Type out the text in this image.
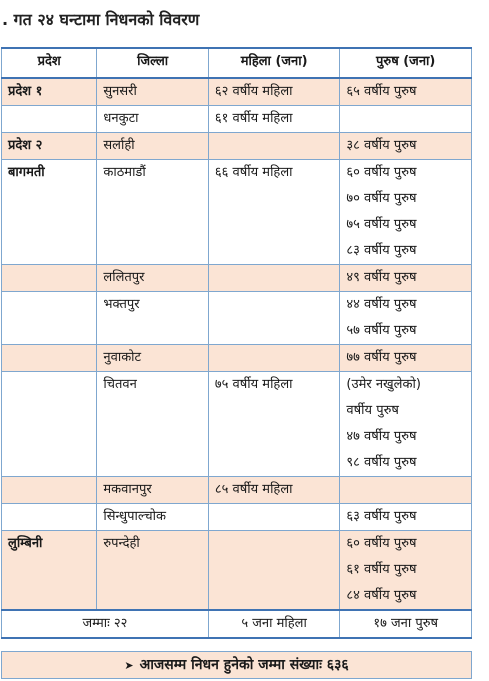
. गत २४ घन्टामा निधनको विवरण
प्रदेश	जिल्ला	महिला (जना)	पुरुष (जना)
प्रदेश १	सुनसरी	६२ वर्षीय महिला	६५ वर्षीय पुरुष

	धनकुटा	६१ वर्षीय महिला	

प्रदेश २	सर्लाही		३८ वर्षीय पुरुष

बागमती	काठमाडौं	६६ वर्षीय महिला	६० वर्षीय पुरुष
७० वर्षीय पुरुष
७५ वर्षीय पुरुष
८३ वर्षीय पुरुष

	ललितपुर		४९ वर्षीय पुरुष

	भक्तपुर		४४ वर्षीय पुरुष
५७ वर्षीय पुरुष

	नुवाकोट		७७ वर्षीय पुरुष

	चितवन	७५ वर्षीय महिला	(उमेर नखुलेको)
वर्षीय पुरुष
४७ वर्षीय पुरुष
९८ वर्षीय पुरुष

	मकवानपुर	८५ वर्षीय महिला	

	सिन्धुपाल्चोक		६३ वर्षीय पुरुष

लुम्बिनी	रुपन्देही		६० वर्षीय पुरुष
६१ वर्षीय पुरुष
८४ वर्षीय पुरुष

जम्माः २२		५ जना महिला	१७ जना पुरुष
➤ आजसम्म निधन हुनेको जम्मा संख्याः ६३६
